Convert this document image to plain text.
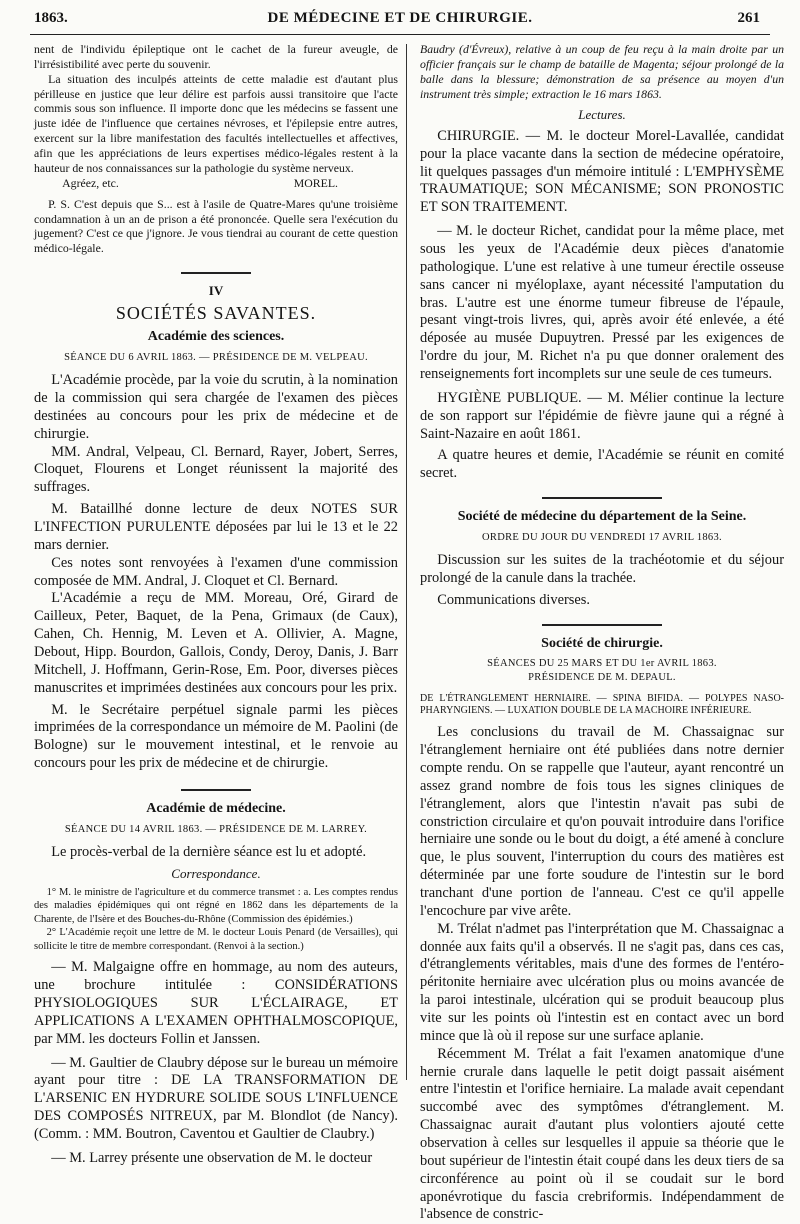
1863.	DE MÉDECINE ET DE CHIRURGIE.	261

nent de l'individu épileptique ont le cachet de la fureur aveugle, de l'irrésistibilité avec perte du souvenir.

La situation des inculpés atteints de cette maladie est d'autant plus périlleuse en justice que leur délire est parfois aussi transitoire que l'acte commis sous son influence. Il importe donc que les médecins se fassent une juste idée de l'influence que certaines névroses, et l'épilepsie entre autres, exercent sur la libre manifestation des facultés intellectuelles et affectives, afin que les appréciations de leurs expertises médico-légales restent à la hauteur de nos connaissances sur la pathologie du système nerveux.

Agréez, etc.	MOREL.

P. S. C'est depuis que S... est à l'asile de Quatre-Mares qu'une troisième condamnation à un an de prison a été prononcée. Quelle sera l'exécution du jugement? C'est ce que j'ignore. Je vous tiendrai au courant de cette question médico-légale.

IV

SOCIÉTÉS SAVANTES.

Académie des sciences.

SÉANCE DU 6 AVRIL 1863. — PRÉSIDENCE DE M. VELPEAU.

L'Académie procède, par la voie du scrutin, à la nomination de la commission qui sera chargée de l'examen des pièces destinées au concours pour les prix de médecine et de chirurgie.

MM. Andral, Velpeau, Cl. Bernard, Rayer, Jobert, Serres, Cloquet, Flourens et Longet réunissent la majorité des suffrages.

M. Bataillhé donne lecture de deux NOTES SUR L'INFECTION PURULENTE déposées par lui le 13 et le 22 mars dernier.

Ces notes sont renvoyées à l'examen d'une commission composée de MM. Andral, J. Cloquet et Cl. Bernard.

L'Académie a reçu de MM. Moreau, Oré, Girard de Cailleux, Peter, Baquet, de la Pena, Grimaux (de Caux), Cahen, Ch. Hennig, M. Leven et A. Ollivier, A. Magne, Debout, Hipp. Bourdon, Gallois, Condy, Deroy, Danis, J. Barr Mitchell, J. Hoffmann, Gerin-Rose, Em. Poor, diverses pièces manuscrites et imprimées destinées aux concours pour les prix.

M. le Secrétaire perpétuel signale parmi les pièces imprimées de la correspondance un mémoire de M. Paolini (de Bologne) sur le mouvement intestinal, et le renvoie au concours pour les prix de médecine et de chirurgie.

Académie de médecine.

SÉANCE DU 14 AVRIL 1863. — PRÉSIDENCE DE M. LARREY.

Le procès-verbal de la dernière séance est lu et adopté.

Correspondance.

1° M. le ministre de l'agriculture et du commerce transmet : a. Les comptes rendus des maladies épidémiques qui ont régné en 1862 dans les départements de la Charente, de l'Isère et des Bouches-du-Rhône (Commission des épidémies.)

2° L'Académie reçoit une lettre de M. le docteur Louis Penard (de Versailles), qui sollicite le titre de membre correspondant. (Renvoi à la section.)

— M. Malgaigne offre en hommage, au nom des auteurs, une brochure intitulée : CONSIDÉRATIONS PHYSIOLOGIQUES SUR L'ÉCLAIRAGE, ET APPLICATIONS A L'EXAMEN OPHTHALMOSCOPIQUE, par MM. les docteurs Follin et Janssen.

— M. Gaultier de Claubry dépose sur le bureau un mémoire ayant pour titre : DE LA TRANSFORMATION DE L'ARSENIC EN HYDRURE SOLIDE SOUS L'INFLUENCE DES COMPOSÉS NITREUX, par M. Blondlot (de Nancy). (Comm. : MM. Boutron, Caventou et Gaultier de Claubry.)

— M. Larrey présente une observation de M. le docteur

Baudry (d'Évreux), relative à un coup de feu reçu à la main droite par un officier français sur le champ de bataille de Magenta; séjour prolongé de la balle dans la blessure; démonstration de sa présence au moyen d'un instrument très simple; extraction le 16 mars 1863.

Lectures.

CHIRURGIE. — M. le docteur Morel-Lavallée, candidat pour la place vacante dans la section de médecine opératoire, lit quelques passages d'un mémoire intitulé : L'EMPHYSÈME TRAUMATIQUE; SON MÉCANISME; SON PRONOSTIC ET SON TRAITEMENT.

— M. le docteur Richet, candidat pour la même place, met sous les yeux de l'Académie deux pièces d'anatomie pathologique. L'une est relative à une tumeur érectile osseuse sans cancer ni myéloplaxe, ayant nécessité l'amputation du bras. L'autre est une énorme tumeur fibreuse de l'épaule, pesant vingt-trois livres, qui, après avoir été enlevée, a été déposée au musée Dupuytren. Pressé par les exigences de l'ordre du jour, M. Richet n'a pu que donner oralement des renseignements fort incomplets sur une seule de ces tumeurs.

HYGIÈNE PUBLIQUE. — M. Mélier continue la lecture de son rapport sur l'épidémie de fièvre jaune qui a régné à Saint-Nazaire en août 1861.

A quatre heures et demie, l'Académie se réunit en comité secret.

Société de médecine du département de la Seine.

ORDRE DU JOUR DU VENDREDI 17 AVRIL 1863.

Discussion sur les suites de la trachéotomie et du séjour prolongé de la canule dans la trachée.

Communications diverses.

Société de chirurgie.

SÉANCES DU 25 MARS ET DU 1er AVRIL 1863.

PRÉSIDENCE DE M. DEPAUL.

DE L'ÉTRANGLEMENT HERNIAIRE. — SPINA BIFIDA. — POLYPES NASO-PHARYNGIENS. — LUXATION DOUBLE DE LA MACHOIRE INFÉRIEURE.

Les conclusions du travail de M. Chassaignac sur l'étranglement herniaire ont été publiées dans notre dernier compte rendu. On se rappelle que l'auteur, ayant rencontré un assez grand nombre de fois tous les signes cliniques de l'étranglement, alors que l'intestin n'avait pas subi de constriction circulaire et qu'on pouvait introduire dans l'orifice herniaire une sonde ou le bout du doigt, a été amené à conclure que, le plus souvent, l'interruption du cours des matières est déterminée par une forte soudure de l'intestin sur le bord tranchant d'une portion de l'anneau. C'est ce qu'il appelle l'encochure par vive arête.

M. Trélat n'admet pas l'interprétation que M. Chassaignac a donnée aux faits qu'il a observés. Il ne s'agit pas, dans ces cas, d'étranglements véritables, mais d'une des formes de l'entéro-péritonite herniaire avec ulcération plus ou moins avancée de la paroi intestinale, ulcération qui se produit beaucoup plus vite sur les points où l'intestin est en contact avec un bord mince que là où il repose sur une surface aplanie.

Récemment M. Trélat a fait l'examen anatomique d'une hernie crurale dans laquelle le petit doigt passait aisément entre l'intestin et l'orifice herniaire. La malade avait cependant succombé avec des symptômes d'étranglement. M. Chassaignac aurait d'autant plus volontiers ajouté cette observation à celles sur lesquelles il appuie sa théorie que le bout supérieur de l'intestin était coupé dans les deux tiers de sa circonférence au point où il se coudait sur le bord aponévrotique du fascia crebriformis. Indépendamment de l'absence de constric-
